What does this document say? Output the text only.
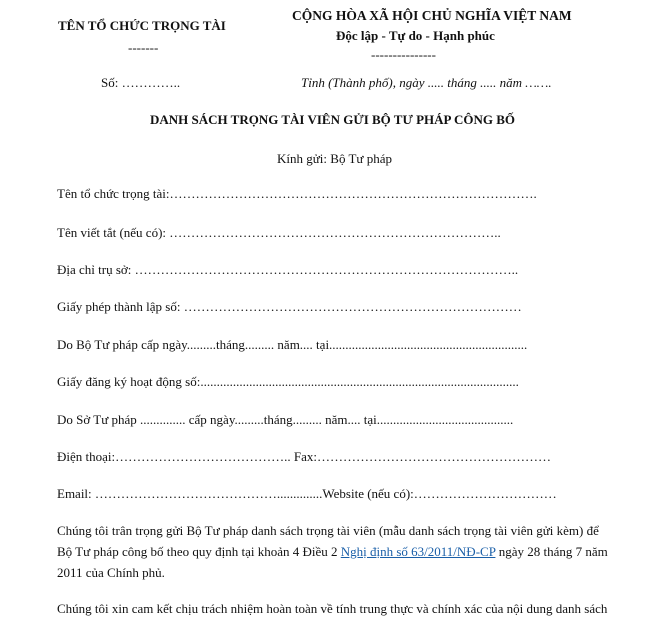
TÊN TỔ CHỨC TRỌNG TÀI
-------
Số: …………..
CỘNG HÒA XÃ HỘI CHỦ NGHĨA VIỆT NAM
Độc lập - Tự do - Hạnh phúc
---------------
Tỉnh (Thành phố), ngày ..... tháng ..... năm …….
DANH SÁCH TRỌNG TÀI VIÊN GỬI BỘ TƯ PHÁP CÔNG BỐ
Kính gửi: Bộ Tư pháp
Tên tổ chức trọng tài:………………………………………………………………………….
Tên viết tắt (nếu có): …………………………………………………………………..
Địa chỉ trụ sở: ……………………………………………………………………………..
Giấy phép thành lập số: ……………………………………………………………………
Do Bộ Tư pháp cấp ngày.........tháng......... năm.... tại.............................................................
Giấy đăng ký hoạt động số:..................................................................................................
Do Sở Tư pháp .............. cấp ngày.........tháng......... năm.... tại..........................................
Điện thoại:………………………………….. Fax:………………………………………………
Email: ……………………………………..............Website (nếu có):……………………………
Chúng tôi trân trọng gửi Bộ Tư pháp danh sách trọng tài viên (mẫu danh sách trọng tài viên gửi kèm) để Bộ Tư pháp công bố theo quy định tại khoản 4 Điều 2 Nghị định số 63/2011/NĐ-CP ngày 28 tháng 7 năm 2011 của Chính phủ.
Chúng tôi xin cam kết chịu trách nhiệm hoàn toàn về tính trung thực và chính xác của nội dung danh sách
